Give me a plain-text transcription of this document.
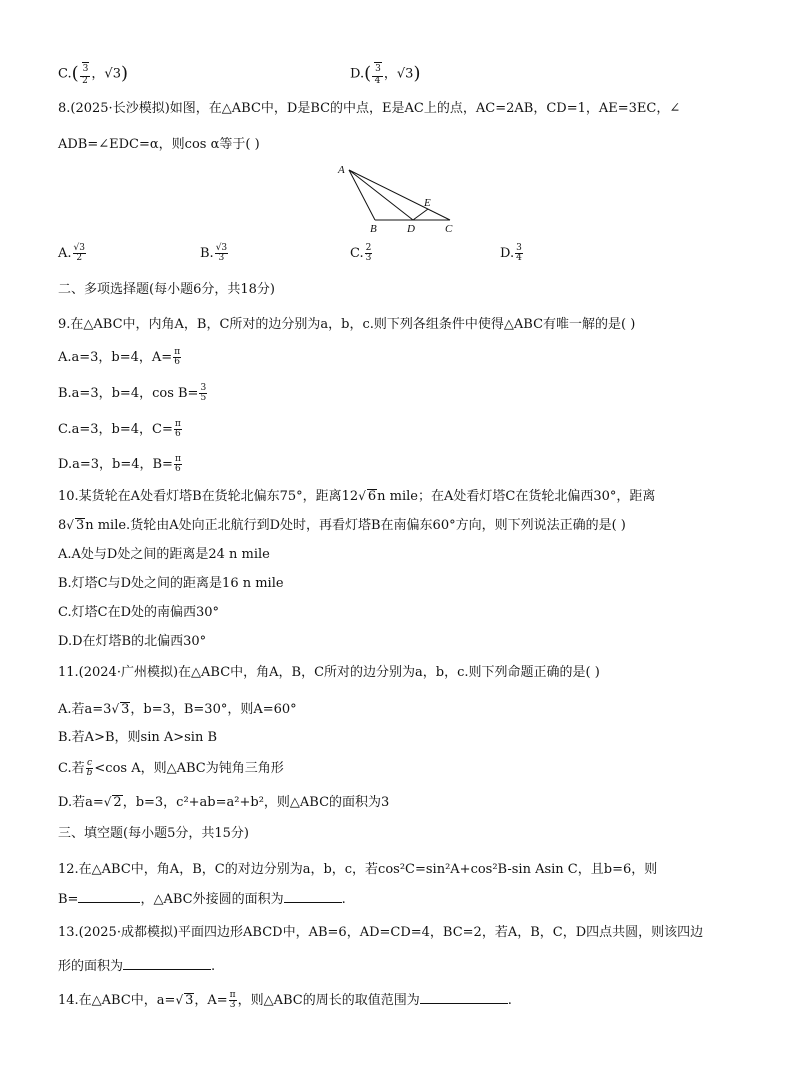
$C.( \frac{3}{2}$ ，√3)	$D.( \frac{3}{4}$ ，√3)
8.(2025·长沙模拟)如图，在△ABC中，D是BC的中点，E是AC上的点，AC=2AB，CD=1，AE=3EC，∠
ADB=∠EDC=α，则cos α等于( )
A
B	D
E
C
A. $\frac{√3}{2}$	B. $\frac{√3}{3}$	C. $\frac{2}{3}$	D. $\frac{3}{4}$
二、多项选择题(每小题6分，共18分)
9.在△ABC中，内角A，B，C所对的边分别为a，b，c.则下列各组条件中使得△ABC有唯一解的是( )
A.a=3，b=4，$A= \frac{\pi}{6}$
B.a=3，b=4，$\cos B= \frac{3}{5}$
C.a=3，b=4，$C= \frac{\pi}{6}$
D.a=3，b=4，$B= \frac{\pi}{6}$
10.某货轮在A处看灯塔B在货轮北偏东75°，距离12√ 6n mile；在A处看灯塔C在货轮北偏西30°，距离
8√ 3n mile.货轮由A处向正北航行到D处时，再看灯塔B在南偏东60°方向，则下列说法正确的是( )
A.A处与D处之间的距离是24 n mile
B.灯塔C与D处之间的距离是16 n mile
C.灯塔C在D处的南偏西30°
D.D在灯塔B的北偏西30°
11.(2024·广州模拟)在△ABC中，角A，B，C所对的边分别为a，b，c.则下列命题正确的是( )
A.若a=3√ 3，b=3，B=30°，则A=60°
B.若A>B，则sin A>sin B
C.若 $\frac{c}{b} <\cos$ A，则△ABC为钝角三角形
D.若a=√ 2，b=3，c²+ab=a²+b²，则△ABC的面积为3
三、填空题(每小题5分，共15分)
12.在△ABC中，角A，B，C的对边分别为a，b，c，若cos²C=sin²A+cos²B-sin Asin C，且b=6，则
B=	，△ABC外接圆的面积为	.
13.(2025·成都模拟)平面四边形ABCD中，AB=6，AD=CD=4，BC=2，若A，B，C，D四点共圆，则该四边
形的面积为	.
14.在△ABC中，a=√ 3，$A= \frac{\pi}{3}$ ，则△ABC的周长的取值范围为	.
